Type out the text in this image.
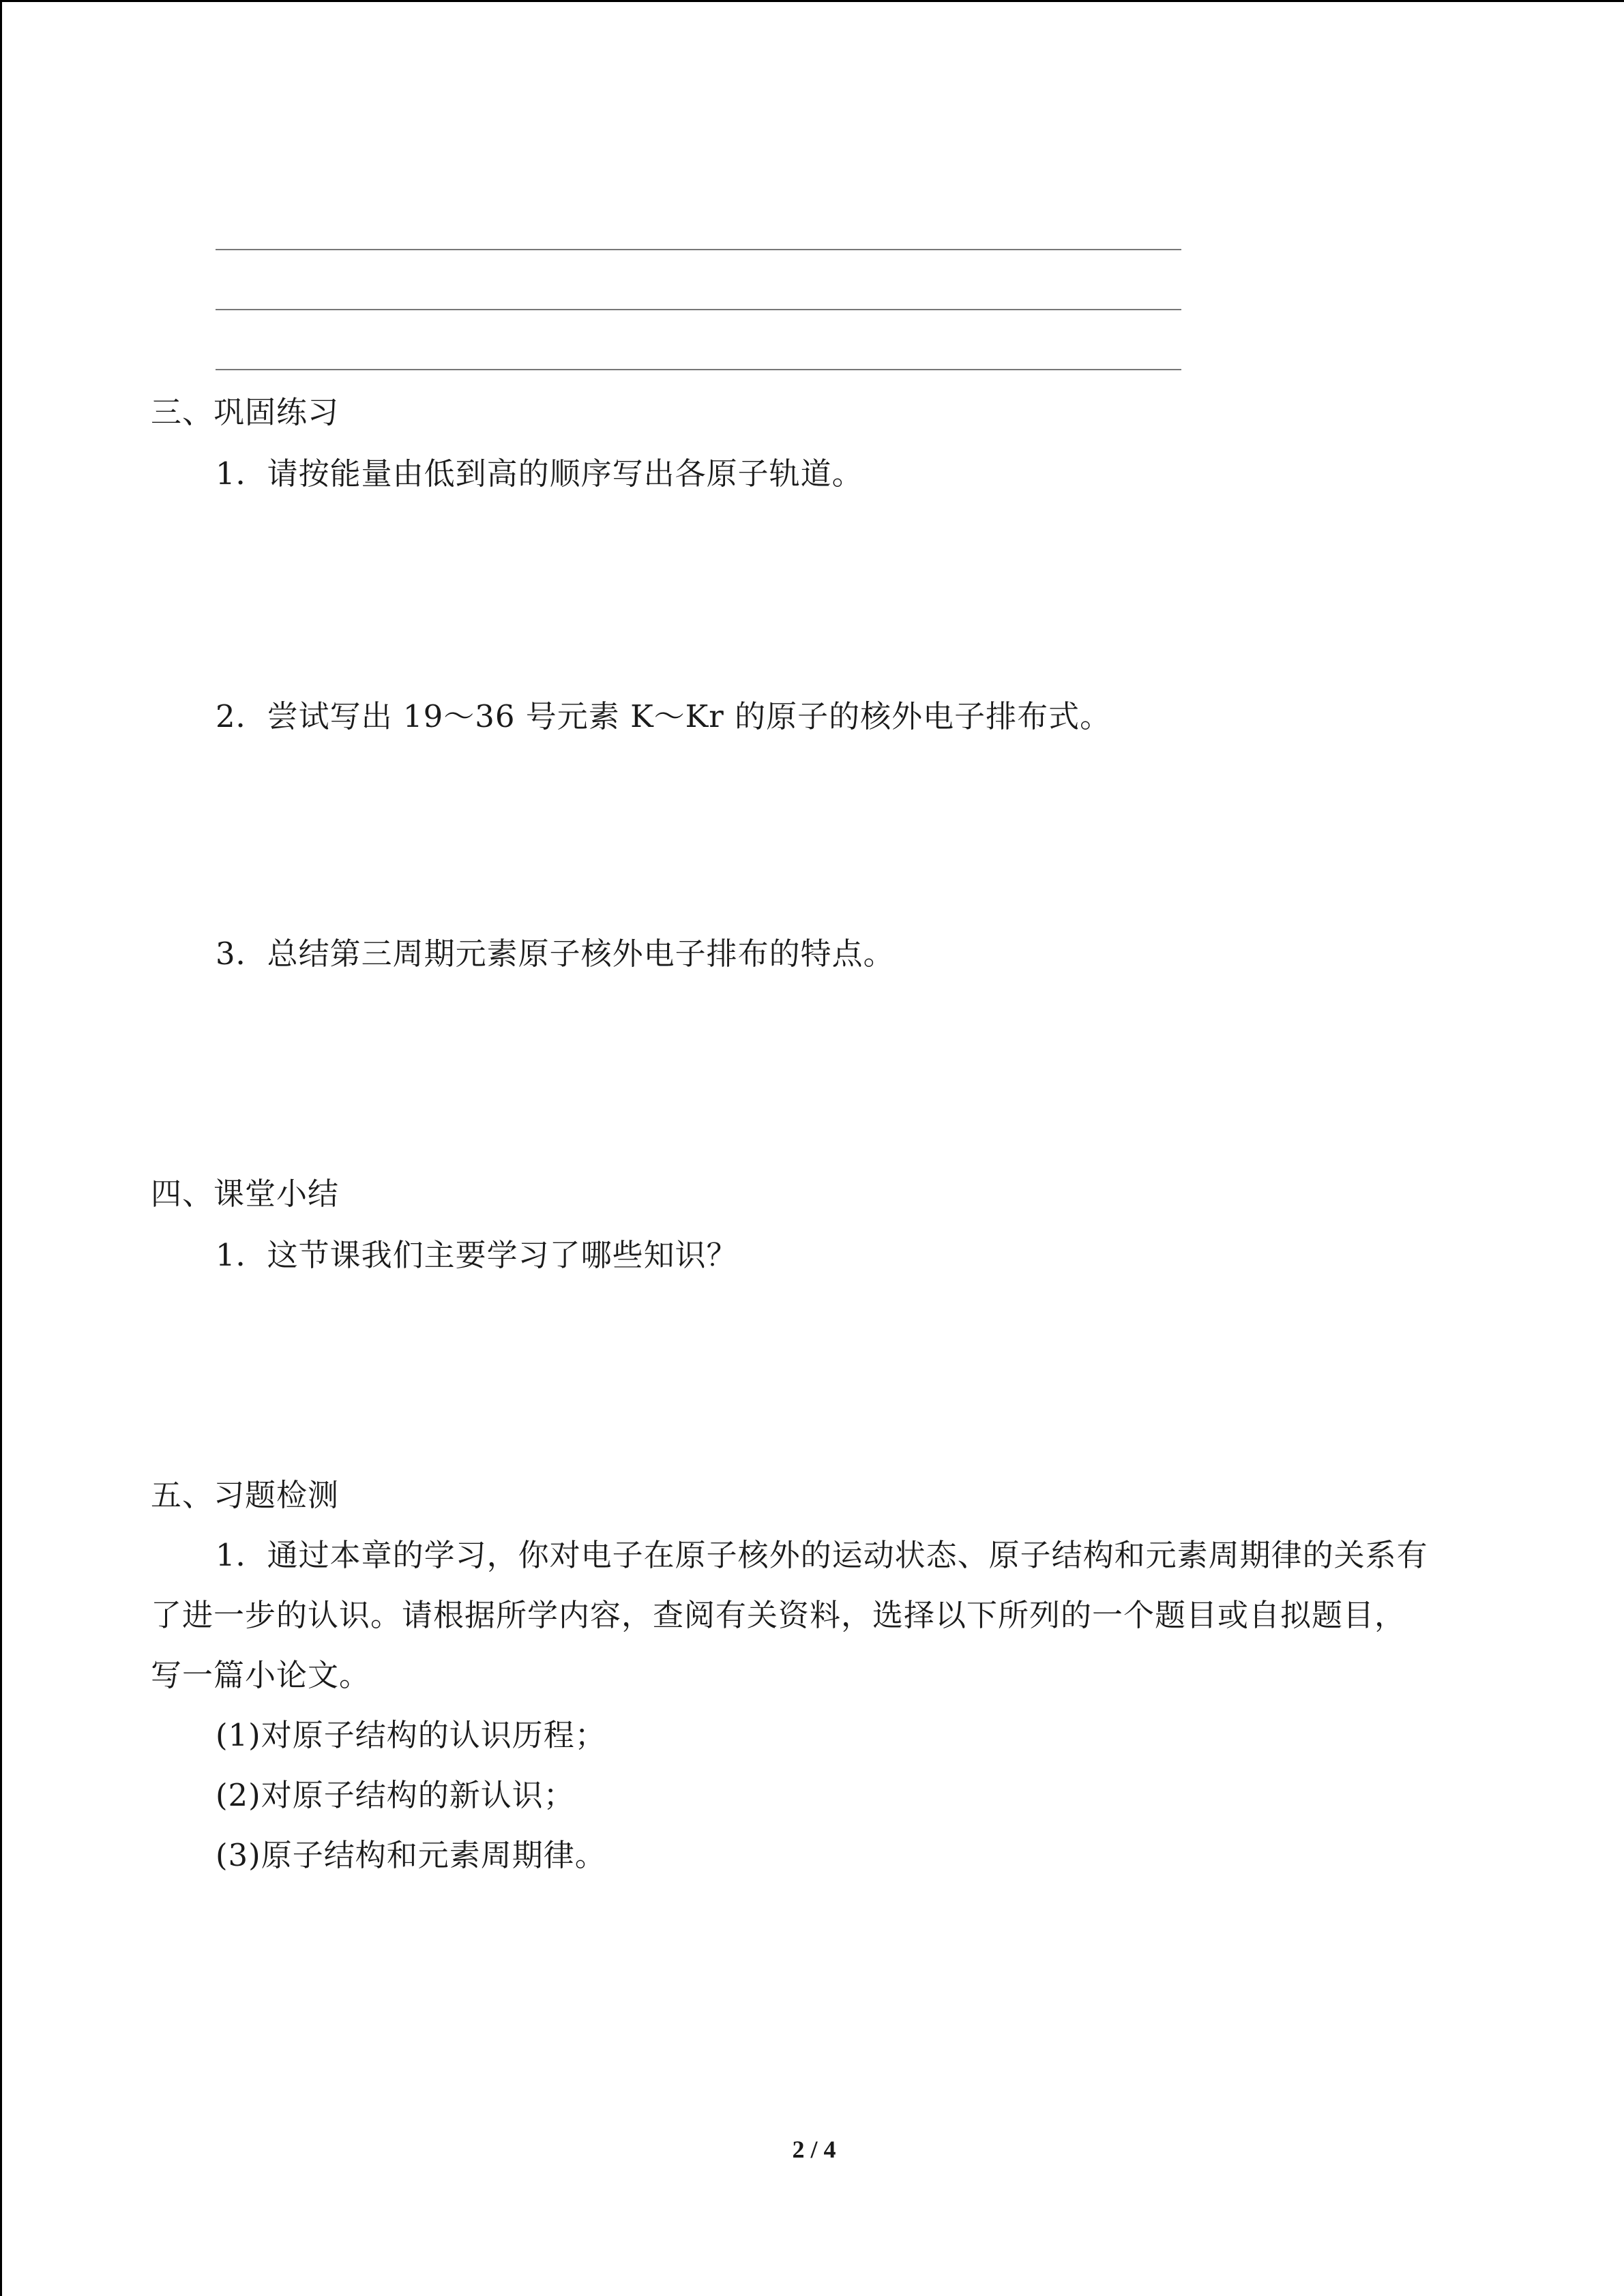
三、巩固练习
1．请按能量由低到高的顺序写出各原子轨道。
2．尝试写出 19～36 号元素 K～Kr 的原子的核外电子排布式。
3．总结第三周期元素原子核外电子排布的特点。
四、课堂小结
1．这节课我们主要学习了哪些知识？
五、习题检测
1．通过本章的学习，你对电子在原子核外的运动状态、原子结构和元素周期律的关系有
了进一步的认识。请根据所学内容，查阅有关资料，选择以下所列的一个题目或自拟题目，
写一篇小论文。
(1)对原子结构的认识历程；
(2)对原子结构的新认识；
(3)原子结构和元素周期律。
2 / 4
